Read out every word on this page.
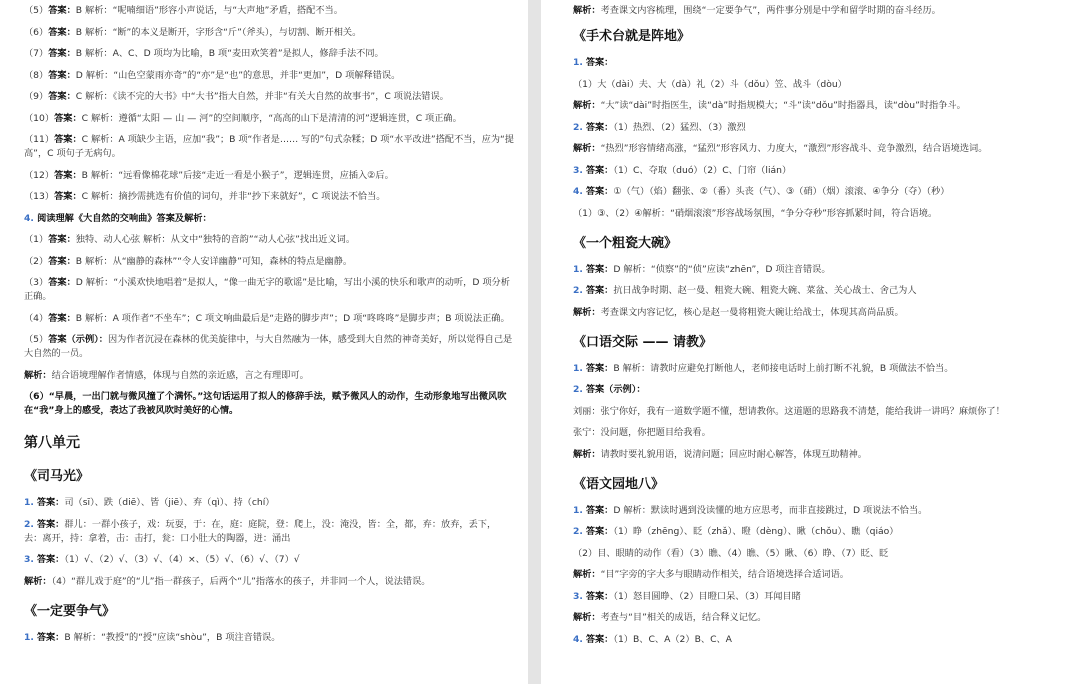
（5）答案：B 解析：“呢喃细语”形容小声说话，与“大声地”矛盾，搭配不当。
（6）答案：B 解析：“断”的本义是断开，字形含“斤”（斧头），与切割、断开相关。
（7）答案：B 解析：A、C、D 项均为比喻，B 项“麦田欢笑着”是拟人，修辞手法不同。
（8）答案：D 解析：“山色空蒙雨亦奇”的“亦”是“也”的意思，并非“更加”，D 项解释错误。
（9）答案：C 解析：《读不完的大书》中“大书”指大自然，并非“有关大自然的故事书”，C 项说法错误。
（10）答案：C 解析：遵循“太阳 — 山 — 河”的空间顺序，“高高的山下是清清的河”逻辑连贯，C 项正确。
（11）答案：C 解析：A 项缺少主语，应加“我”；B 项“作者是…… 写的”句式杂糅；D 项“水平改进”搭配不当，应为“提高”，C 项句子无病句。
（12）答案：B 解析：“远看像棉花球”后接“走近一看是小猴子”，逻辑连贯，应插入②后。
（13）答案：C 解析：摘抄需挑选有价值的词句，并非“抄下来就好”，C 项说法不恰当。
4. 阅读理解《大自然的交响曲》答案及解析：
（1）答案：独特、动人心弦 解析：从文中“独特的音韵”“动人心弦”找出近义词。
（2）答案：B 解析：从“幽静的森林”“令人安详幽静”可知，森林的特点是幽静。
（3）答案：D 解析：“小溪欢快地唱着”是拟人，“像一曲无字的歌谣”是比喻，写出小溪的快乐和歌声的动听，D 项分析正确。
（4）答案：B 解析：A 项作者“不坐车”；C 项文响曲最后是“走路的脚步声”；D 项“咚咚咚”是脚步声；B 项说法正确。
（5）答案（示例）：因为作者沉浸在森林的优美旋律中，与大自然融为一体，感受到大自然的神奇美好，所以觉得自己是大自然的一员。
解析：结合语境理解作者情感，体现与自然的亲近感，言之有理即可。
（6）“早晨，一出门就与微风撞了个满怀。”这句话运用了拟人的修辞手法，赋予微风人的动作，生动形象地写出微风吹在“我”身上的感受，表达了我被风吹时美好的心情。
第八单元
《司马光》
1. 答案：司（sī）、跌（diē）、皆（jiē）、弃（qì）、持（chí）
2. 答案：群儿：一群小孩子，戏：玩耍，于：在，庭：庭院，登：爬上，没：淹没，皆：全，都，弃：放弃，丢下，去：离开，持：拿着，击：击打，瓮：口小肚大的陶器，迸：涌出
3. 答案：（1）√、（2）√、（3）√、（4）×、（5）√、（6）√、（7）√
解析：（4）“群儿戏于庭”的“儿”指一群孩子，后两个“儿”指落水的孩子，并非同一个人，说法错误。
《一定要争气》
1. 答案：B 解析：“教授”的“授”应读“shòu”，B 项注音错误。
解析：考查课文内容梳理，围绕“一定要争气”，两件事分别是中学和留学时期的奋斗经历。
《手术台就是阵地》
1. 答案：
（1）大（dài）夫、大（dà）礼（2）斗（dǒu）笠、战斗（dòu）
解析：“大”读“dài”时指医生，读“dà”时指规模大；“斗”读“dǒu”时指器具，读“dòu”时指争斗。
2. 答案：（1）热烈、（2）猛烈、（3）激烈
解析：“热烈”形容情绪高涨，“猛烈”形容风力、力度大，“激烈”形容战斗、竞争激烈，结合语境选词。
3. 答案：（1）C、夺取（duó）（2）C、门帘（lián）
4. 答案：①（气）（焰）翻张、②（番）头丧（气）、③（硝）（烟）滚滚、④争分（夺）（秒）
（1）③、（2）④解析：“硝烟滚滚”形容战场氛围，“争分夺秒”形容抓紧时间，符合语境。
《一个粗瓷大碗》
1. 答案：D 解析：“侦察”的“侦”应读“zhēn”，D 项注音错误。
2. 答案：抗日战争时期、赵一曼、粗瓷大碗、粗瓷大碗、菜盆、关心战士、舍己为人
解析：考查课文内容记忆，核心是赵一曼将粗瓷大碗让给战士，体现其高尚品质。
《口语交际 —— 请教》
1. 答案：B 解析：请教时应避免打断他人，老师接电话时上前打断不礼貌，B 项做法不恰当。
2. 答案（示例）：
刘丽：张宁你好，我有一道数学题不懂，想请教你。这道题的思路我不清楚，能给我讲一讲吗？麻烦你了！
张宁：没问题，你把题目给我看。
解析：请教时要礼貌用语，说清问题；回应时耐心解答，体现互助精神。
《语文园地八》
1. 答案：D 解析：默读时遇到没读懂的地方应思考，而非直接跳过，D 项说法不恰当。
2. 答案：（1）睁（zhēng）、眨（zhǎ）、瞪（dèng）、瞅（chǒu）、瞧（qiáo）
（2）目、眼睛的动作（看）（3）瞧、（4）瞧、（5）瞅、（6）睁、（7）眨、眨
解析：“目”字旁的字大多与眼睛动作相关，结合语境选择合适词语。
3. 答案：（1）怒目圆睁、（2）目瞪口呆、（3）耳闻目睹
解析：考查与“目”相关的成语，结合释义记忆。
4. 答案：（1）B、C、A（2）B、C、A
